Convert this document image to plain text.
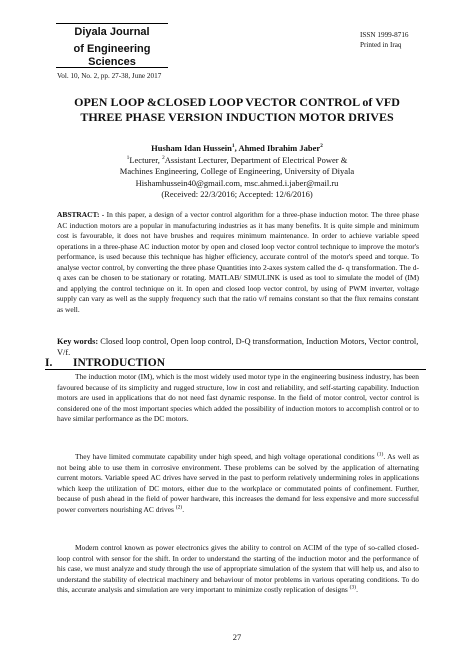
Diyala Journal
of Engineering
Sciences
Vol. 10, No. 2, pp. 27-38, June 2017
ISSN 1999-8716
Printed in Iraq
OPEN LOOP &CLOSED LOOP VECTOR CONTROL of VFD
THREE PHASE VERSION INDUCTION MOTOR DRIVES
Husham Idan Hussein$^1$, Ahmed Ibrahim Jaber$^2$
$^1$Lecturer, $^2$Assistant Lecturer, Department of Electrical Power &
Machines Engineering, College of Engineering, University of Diyala
Hishamhussein40@gmail.com, msc.ahmed.i.jaber@mail.ru
(Received: 22/3/2016; Accepted: 12/6/2016)
ABSTRACT: - In this paper, a design of a vector control algorithm for a three-phase induction motor. The three phase AC induction motors are a popular in manufacturing industries as it has many benefits. It is quite simple and minimum cost is favourable, it does not have brushes and requires minimum maintenance. In order to achieve variable speed operations in a three-phase AC induction motor by open and closed loop vector control technique to improve the motor's performance, is used because this technique has higher efficiency, accurate control of the motor's speed and torque. To analyse vector control, by converting the three phase Quantities into 2-axes system called the d- q transformation. The d-q axes can be chosen to be stationary or rotating. MATLAB/ SIMULINK is used as tool to simulate the model of (IM) and applying the control technique on it. In open and closed loop vector control, by using of PWM inverter, voltage supply can vary as well as the supply frequency such that the ratio v/f remains constant so that the flux remains constant as well.
Key words: Closed loop control, Open loop control, D-Q transformation, Induction Motors, Vector control, V/f.
I. INTRODUCTION
The induction motor (IM), which is the most widely used motor type in the engineering business industry, has been favoured because of its simplicity and rugged structure, low in cost and reliability, and self-starting capability. Induction motors are used in applications that do not need fast dynamic response. In the field of motor control, vector control is considered one of the most important species which added the possibility of induction motors to accomplish control or to have similar performance as the DC motors.
They have limited commutate capability under high speed, and high voltage operational conditions $^{(1)}$. As well as not being able to use them in corrosive environment. These problems can be solved by the application of alternating current motors. Variable speed AC drives have served in the past to perform relatively undermining roles in applications which keep the utilization of DC motors, either due to the workplace or commutated points of confinement. Further, because of push ahead in the field of power hardware, this increases the demand for less expensive and more successful power converters nourishing AC drives $^{(2)}$.
Modern control known as power electronics gives the ability to control on ACIM of the type of so-called closed-loop control with sensor for the shift. In order to understand the starting of the induction motor and the performance of his case, we must analyze and study through the use of appropriate simulation of the system that will help us, and also to understand the stability of electrical machinery and behaviour of motor problems in various operating conditions. To do this, accurate analysis and simulation are very important to minimize costly replication of designs $^{(3)}$.
27
